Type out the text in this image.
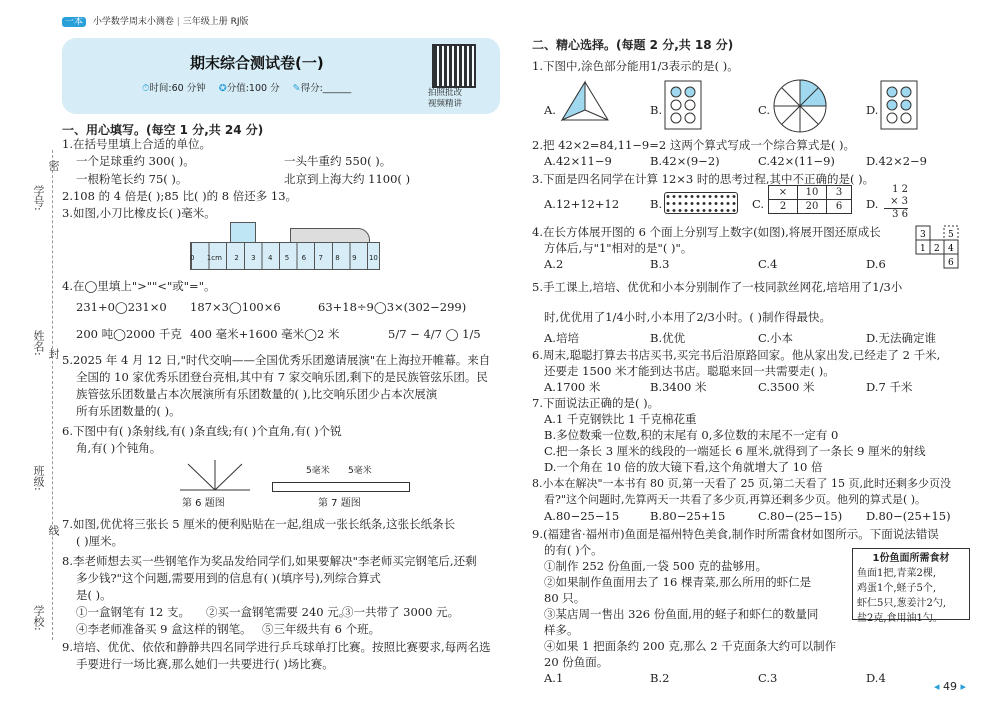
一本 小学数学周末小测卷 | 三年级上册 RJ版
期末综合测试卷(一)
⏱时间:60 分钟 ✪分值:100 分 ✎得分:______	拍照批改
视频精讲
学号:
密
姓名: 封
班级:
线
学校:
一、用心填写。(每空 1 分,共 24 分)
1.在括号里填上合适的单位。
一个足球重约 300( )。	一头牛重约 550( )。
一根粉笔长约 75( )。	北京到上海大约 1100( )
2.108 的 4 倍是( );85 比( )的 8 倍还多 13。
3.如图,小刀比橡皮长( )毫米。
0 1cm 2 3 4 5 6 7 8 9 10
4.在◯里填上">""<"或"="。
231+0◯231×0 187×3◯100×6	63+18÷9◯3×(302−299)
200 吨◯2000 千克 400 毫米+1600 毫米◯2 米	5/7 − 4/7 ◯ 1/5
5.2025 年 4 月 12 日,"时代交响——全国优秀乐团邀请展演"在上海拉开帷幕。来自
全国的 10 家优秀乐团登台亮相,其中有 7 家交响乐团,剩下的是民族管弦乐团。民
族管弦乐团数量占本次展演所有乐团数量的( ),比交响乐团少占本次展演
所有乐团数量的( )。
6.下图中有( )条射线,有( )条直线;有( )个直角,有( )个锐
角,有( )个钝角。
第 6 题图
5毫米 5毫米
第 7 题图
7.如图,优优将三张长 5 厘米的便利贴贴在一起,组成一张长纸条,这张长纸条长
( )厘米。
8.李老师想去买一些钢笔作为奖品发给同学们,如果要解决"李老师买完钢笔后,还剩
多少钱?"这个问题,需要用到的信息有( )(填序号),列综合算式
是( )。
①一盒钢笔有 12 支。 ②买一盒钢笔需要 240 元。
③一共带了 3000 元。
④李老师准备买 9 盒这样的钢笔。 ⑤三年级共有 6 个班。
9.培培、优优、依依和静静共四名同学进行乒乓球单打比赛。按照比赛要求,每两名选
手要进行一场比赛,那么她们一共要进行( )场比赛。
二、精心选择。(每题 2 分,共 18 分)
1.下图中,涂色部分能用1/3表示的是( )。
A.	B.	C.	D.
2.把 42×2=84,11−9=2 这两个算式写成一个综合算式是( )。
A.42×11−9	B.42×(9−2)	C.42×(11−9)	D.42×2−9
3.下面是四名同学在计算 12×3 时的思考过程,其中不正确的是( )。
A.12+12+12	B.	C.
×	10	3
2	20	6 D.
1 2
× 3
3 6
4.在长方体展开图的 6 个面上分别写上数字(如图),将展开图还原成长
方体后,与"1"相对的是"( )"。
A.2	B.3	C.4	D.6
3
1 2 4
5
6
5.手工课上,培培、优优和小本分别制作了一枝同款丝网花,培培用了1/3小
时,优优用了1/4小时,小本用了2/3小时。( )制作得最快。
A.培培	B.优优	C.小本	D.无法确定谁
6.周末,聪聪打算去书店买书,买完书后沿原路回家。他从家出发,已经走了 2 千米,
还要走 1500 米才能到达书店。聪聪来回一共需要走( )。
A.1700 米	B.3400 米	C.3500 米	D.7 千米
7.下面说法正确的是( )。
A.1 千克钢铁比 1 千克棉花重
B.多位数乘一位数,积的末尾有 0,多位数的末尾不一定有 0
C.把一条长 3 厘米的线段的一端延长 6 厘米,就得到了一条长 9 厘米的射线
D.一个角在 10 倍的放大镜下看,这个角就增大了 10 倍
8.小本在解决"一本书有 80 页,第一天看了 25 页,第二天看了 15 页,此时还剩多少页没
看?"这个问题时,先算两天一共看了多少页,再算还剩多少页。他列的算式是( )。
A.80−25−15	B.80−25+15	C.80−(25−15) D.80−(25+15)
9.(福建省·福州市)鱼面是福州特色美食,制作时所需食材如图所示。下面说法错误
的有( )个。
①制作 252 份鱼面,一袋 500 克的盐够用。
②如果制作鱼面用去了 16 棵青菜,那么所用的虾仁是
80 只。
③某店周一售出 326 份鱼面,用的蛏子和虾仁的数量同
样多。
④如果 1 把面条约 200 克,那么 2 千克面条大约可以制作
20 份鱼面。
A.1	B.2	C.3	D.4
1份鱼面所需食材
鱼面1把,青菜2棵,
鸡蛋1个,蛏子5个,
虾仁5只,葱姜汁2勺,
盐2克,食用油1勺。
◂ 49 ▸
